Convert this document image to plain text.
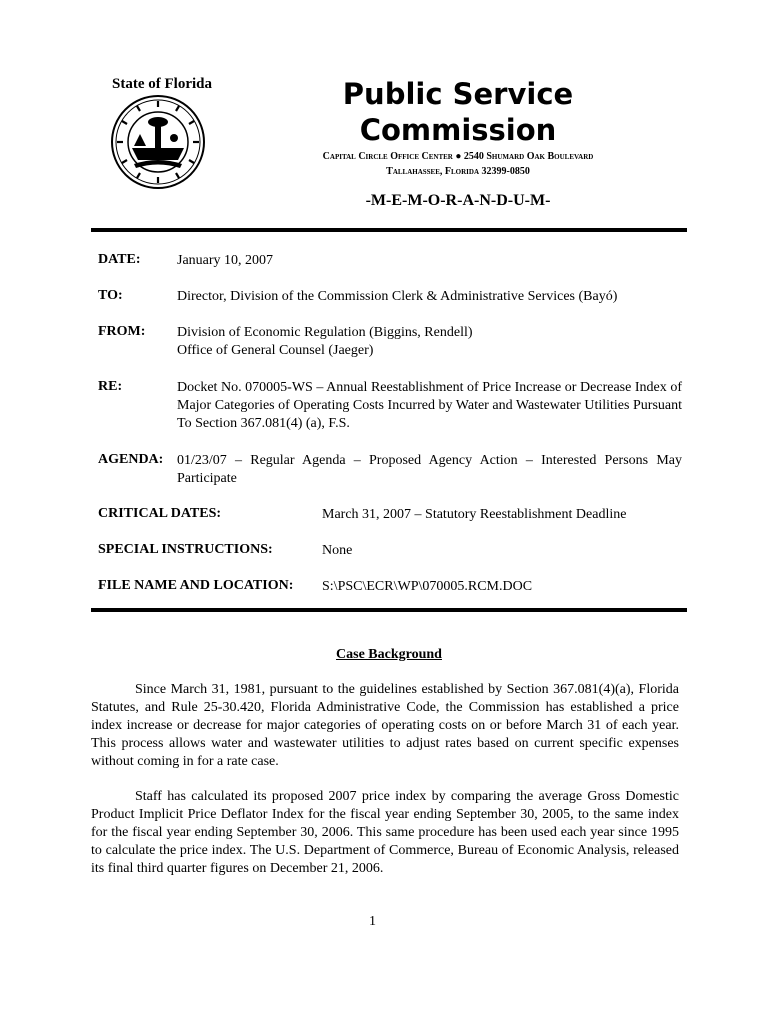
State of Florida	Public Service
Commission
Capital Circle Office Center ● 2540 Shumard Oak Boulevard
Tallahassee, Florida 32399-0850
-M-E-M-O-R-A-N-D-U-M-
DATE:	January 10, 2007
TO:	Director, Division of the Commission Clerk & Administrative Services (Bayó)
FROM: Division of Economic Regulation (Biggins, Rendell)
Office of General Counsel (Jaeger)
RE:	Docket No. 070005-WS – Annual Reestablishment of Price Increase or Decrease Index of Major Categories of Operating Costs Incurred by Water and Wastewater Utilities Pursuant To Section 367.081(4) (a), F.S.
AGENDA: 01/23/07 – Regular Agenda – Proposed Agency Action – Interested Persons May Participate
CRITICAL DATES:	March 31, 2007 – Statutory Reestablishment Deadline
SPECIAL INSTRUCTIONS:	None
FILE NAME AND LOCATION: S:\PSC\ECR\WP\070005.RCM.DOC
Case Background

Since March 31, 1981, pursuant to the guidelines established by Section 367.081(4)(a), Florida Statutes, and Rule 25-30.420, Florida Administrative Code, the Commission has established a price index increase or decrease for major categories of operating costs on or before March 31 of each year. This process allows water and wastewater utilities to adjust rates based on current specific expenses without coming in for a rate case.

Staff has calculated its proposed 2007 price index by comparing the average Gross Domestic Product Implicit Price Deflator Index for the fiscal year ending September 30, 2005, to the same index for the fiscal year ending September 30, 2006. This same procedure has been used each year since 1995 to calculate the price index. The U.S. Department of Commerce, Bureau of Economic Analysis, released its final third quarter figures on December 21, 2006.

1
